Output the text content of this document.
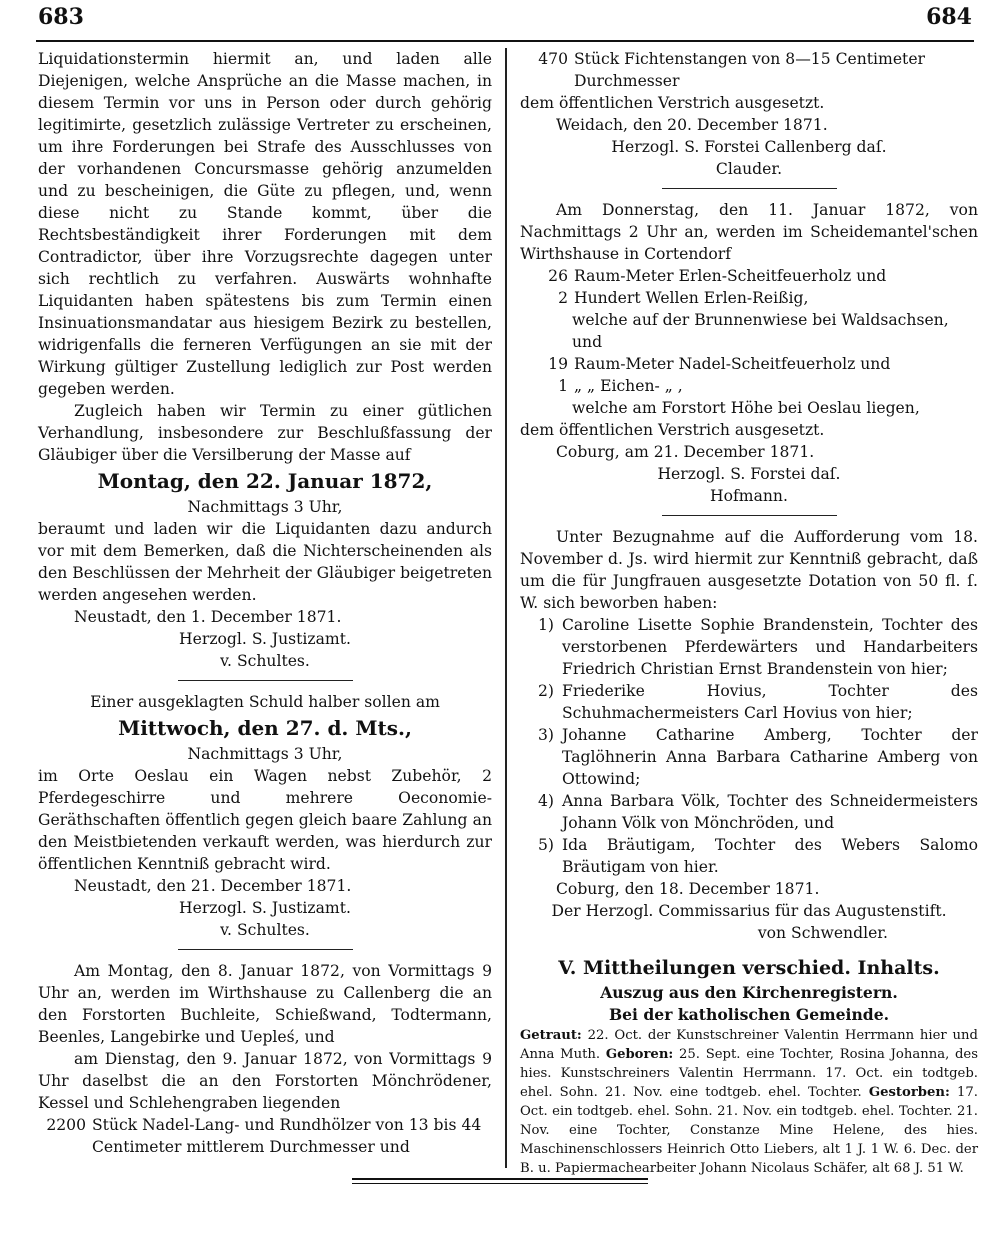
683	684

Liquidationstermin hiermit an, und laden alle Diejenigen, welche Ansprüche an die Masse machen, in diesem Termin vor uns in Person oder durch gehörig legitimirte, gesetzlich zulässige Vertreter zu erscheinen, um ihre Forderungen bei Strafe des Ausschlusses von der vorhandenen Concursmasse gehörig anzumelden und zu bescheinigen, die Güte zu pflegen, und, wenn diese nicht zu Stande kommt, über die Rechtsbeständigkeit ihrer Forderungen mit dem Contradictor, über ihre Vorzugsrechte dagegen unter sich rechtlich zu verfahren. Auswärts wohnhafte Liquidanten haben spätestens bis zum Termin einen Insinuationsmandatar aus hiesigem Bezirk zu bestellen, widrigenfalls die ferneren Verfügungen an sie mit der Wirkung gültiger Zustellung lediglich zur Post werden gegeben werden.

Zugleich haben wir Termin zu einer gütlichen Verhandlung, insbesondere zur Beschlußfassung der Gläubiger über die Versilberung der Masse auf

Montag, den 22. Januar 1872,

Nachmittags 3 Uhr,

beraumt und laden wir die Liquidanten dazu andurch vor mit dem Bemerken, daß die Nichterscheinenden als den Beschlüssen der Mehrheit der Gläubiger beigetreten werden angesehen werden.

Neustadt, den 1. December 1871.

Herzogl. S. Justizamt.

v. Schultes.

Einer ausgeklagten Schuld halber sollen am

Mittwoch, den 27. d. Mts.,

Nachmittags 3 Uhr,

im Orte Oeslau ein Wagen nebst Zubehör, 2 Pferdegeschirre und mehrere Oeconomie-Geräthschaften öffentlich gegen gleich baare Zahlung an den Meistbietenden verkauft werden, was hierdurch zur öffentlichen Kenntniß gebracht wird.

Neustadt, den 21. December 1871.

Herzogl. S. Justizamt.

v. Schultes.

Am Montag, den 8. Januar 1872, von Vormittags 9 Uhr an, werden im Wirthshause zu Callenberg die an den Forstorten Buchleite, Schießwand, Todtermann, Beenles, Langebirke und Uepleś, und

am Dienstag, den 9. Januar 1872, von Vormittags 9 Uhr daselbst die an den Forstorten Mönchrödener, Kessel und Schlehengraben liegenden

2200 Stück Nadel-Lang- und Rundhölzer von 13 bis 44 Centimeter mittlerem Durchmesser und
470 Stück Fichtenstangen von 8—15 Centimeter Durchmesser

dem öffentlichen Verstrich ausgesetzt.

Weidach, den 20. December 1871.

Herzogl. S. Forstei Callenberg daſ.

Clauder.

Am Donnerstag, den 11. Januar 1872, von Nachmittags 2 Uhr an, werden im Scheidemantel'schen Wirthshause in Cortendorf

26 Raum-Meter Erlen-Scheitfeuerholz und
2 Hundert Wellen Erlen-Reißig,

welche auf der Brunnenwiese bei Waldsachsen, und

19 Raum-Meter Nadel-Scheitfeuerholz und
1 „ „ Eichen- „ ,

welche am Forstort Höhe bei Oeslau liegen,

dem öffentlichen Verstrich ausgesetzt.

Coburg, am 21. December 1871.

Herzogl. S. Forstei daſ.

Hofmann.

Unter Bezugnahme auf die Aufforderung vom 18. November d. Js. wird hiermit zur Kenntniß gebracht, daß um die für Jungfrauen ausgesetzte Dotation von 50 fl. ſ. W. sich beworben haben:

1) Caroline Lisette Sophie Brandenstein, Tochter des verstorbenen Pferdewärters und Handarbeiters Friedrich Christian Ernst Brandenstein von hier;
2) Friederike Hovius, Tochter des Schuhmachermeisters Carl Hovius von hier;
3) Johanne Catharine Amberg, Tochter der Taglöhnerin Anna Barbara Catharine Amberg von Ottowind;
4) Anna Barbara Völk, Tochter des Schneidermeisters Johann Völk von Mönchröden, und
5) Ida Bräutigam, Tochter des Webers Salomo Bräutigam von hier.

Coburg, den 18. December 1871.

Der Herzogl. Commissarius für das Augustenstift.

von Schwendler.

V. Mittheilungen verschied. Inhalts.

Auszug aus den Kirchenregistern.

Bei der katholischen Gemeinde.

Getraut: 22. Oct. der Kunstschreiner Valentin Herrmann hier und Anna Muth. Geboren: 25. Sept. eine Tochter, Rosina Johanna, des hies. Kunstschreiners Valentin Herrmann. 17. Oct. ein todtgeb. ehel. Sohn. 21. Nov. eine todtgeb. ehel. Tochter. Gestorben: 17. Oct. ein todtgeb. ehel. Sohn. 21. Nov. ein todtgeb. ehel. Tochter. 21. Nov. eine Tochter, Constanze Mine Helene, des hies. Maschinenschlossers Heinrich Otto Liebers, alt 1 J. 1 W. 6. Dec. der B. u. Papiermachearbeiter Johann Nicolaus Schäfer, alt 68 J. 51 W.
